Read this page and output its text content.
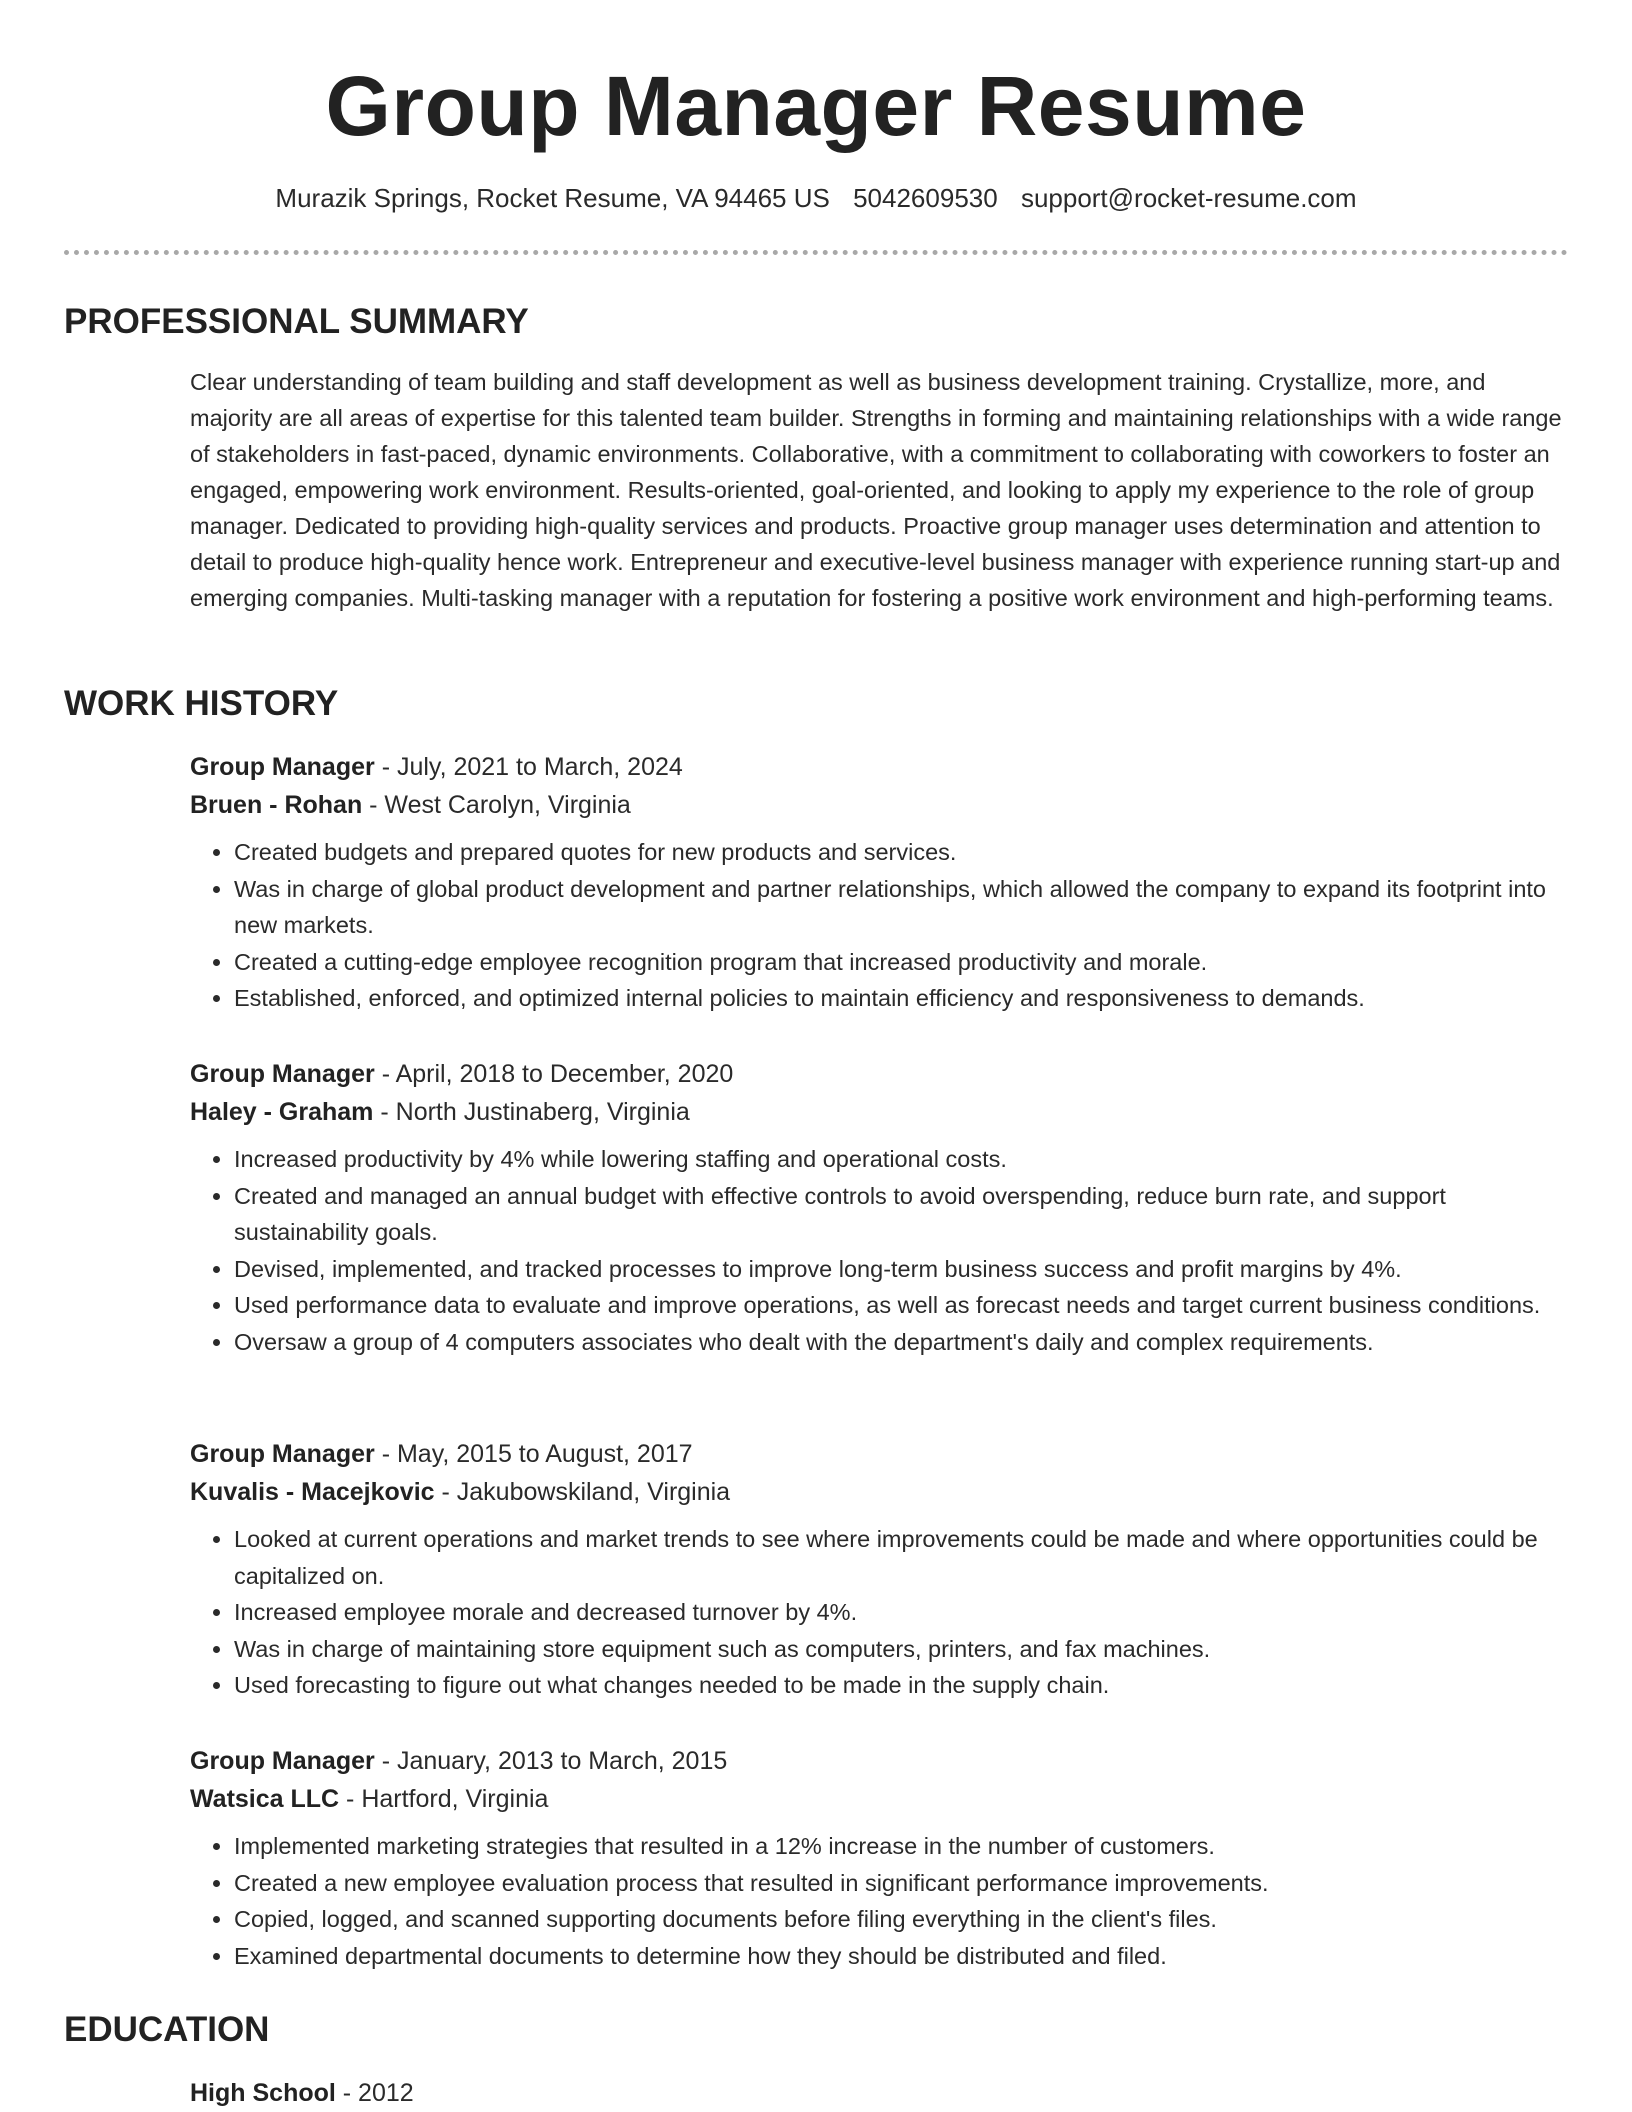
Group Manager Resume
Murazik Springs, Rocket Resume, VA 94465 US 5042609530 support@rocket-resume.com
PROFESSIONAL SUMMARY

Clear understanding of team building and staff development as well as business development training. Crystallize, more, and majority are all areas of expertise for this talented team builder. Strengths in forming and maintaining relationships with a wide range of stakeholders in fast-paced, dynamic environments. Collaborative, with a commitment to collaborating with coworkers to foster an engaged, empowering work environment. Results-oriented, goal-oriented, and looking to apply my experience to the role of group manager. Dedicated to providing high-quality services and products. Proactive group manager uses determination and attention to detail to produce high-quality hence work. Entrepreneur and executive-level business manager with experience running start-up and emerging companies. Multi-tasking manager with a reputation for fostering a positive work environment and high-performing teams.

WORK HISTORY
Group Manager - July, 2021 to March, 2024
Bruen - Rohan - West Carolyn, Virginia
• Created budgets and prepared quotes for new products and services.
• Was in charge of global product development and partner relationships, which allowed the company to expand its footprint into new markets.
• Created a cutting-edge employee recognition program that increased productivity and morale.
• Established, enforced, and optimized internal policies to maintain efficiency and responsiveness to demands.
Group Manager - April, 2018 to December, 2020
Haley - Graham - North Justinaberg, Virginia
• Increased productivity by 4% while lowering staffing and operational costs.
• Created and managed an annual budget with effective controls to avoid overspending, reduce burn rate, and support sustainability goals.
• Devised, implemented, and tracked processes to improve long-term business success and profit margins by 4%.
• Used performance data to evaluate and improve operations, as well as forecast needs and target current business conditions.
• Oversaw a group of 4 computers associates who dealt with the department's daily and complex requirements.
Group Manager - May, 2015 to August, 2017
Kuvalis - Macejkovic - Jakubowskiland, Virginia
• Looked at current operations and market trends to see where improvements could be made and where opportunities could be capitalized on.
• Increased employee morale and decreased turnover by 4%.
• Was in charge of maintaining store equipment such as computers, printers, and fax machines.
• Used forecasting to figure out what changes needed to be made in the supply chain.
Group Manager - January, 2013 to March, 2015
Watsica LLC - Hartford, Virginia
• Implemented marketing strategies that resulted in a 12% increase in the number of customers.
• Created a new employee evaluation process that resulted in significant performance improvements.
• Copied, logged, and scanned supporting documents before filing everything in the client's files.
• Examined departmental documents to determine how they should be distributed and filed.
EDUCATION
High School - 2012
